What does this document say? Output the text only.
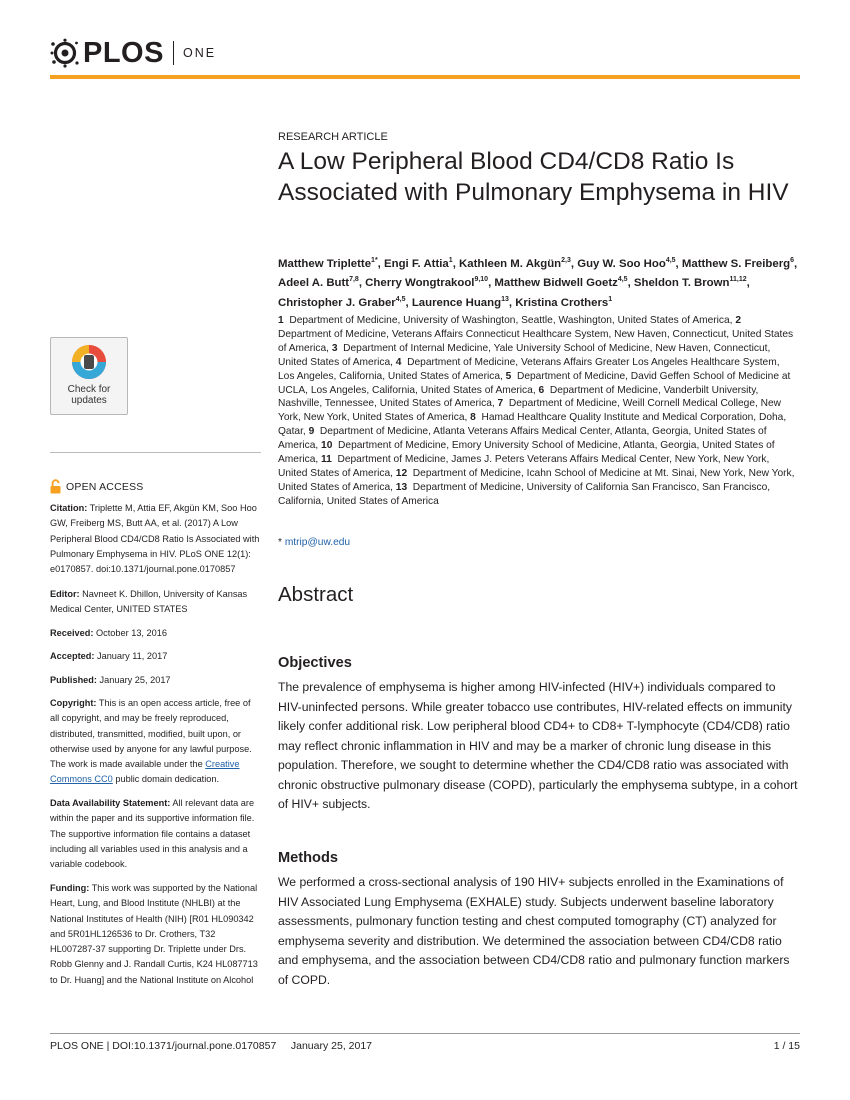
PLOS ONE
RESEARCH ARTICLE
A Low Peripheral Blood CD4/CD8 Ratio Is Associated with Pulmonary Emphysema in HIV
Matthew Triplette$^{1*}$, Engi F. Attia$^1$, Kathleen M. Akgün$^{2,3}$, Guy W. Soo Hoo$^{4,5}$, Matthew S. Freiberg$^6$, Adeel A. Butt$^{7,8}$, Cherry Wongtrakool$^{9,10}$, Matthew Bidwell Goetz$^{4,5}$, Sheldon T. Brown$^{11,12}$, Christopher J. Graber$^{4,5}$, Laurence Huang$^{13}$, Kristina Crothers$^1$
1  Department of Medicine, University of Washington, Seattle, Washington, United States of America, 2  Department of Medicine, Veterans Affairs Connecticut Healthcare System, New Haven, Connecticut, United States of America, 3  Department of Internal Medicine, Yale University School of Medicine, New Haven, Connecticut, United States of America, 4  Department of Medicine, Veterans Affairs Greater Los Angeles Healthcare System, Los Angeles, California, United States of America, 5  Department of Medicine, David Geffen School of Medicine at UCLA, Los Angeles, California, United States of America, 6  Department of Medicine, Vanderbilt University, Nashville, Tennessee, United States of America, 7  Department of Medicine, Weill Cornell Medical College, New York, New York, United States of America, 8  Hamad Healthcare Quality Institute and Medical Corporation, Doha, Qatar, 9  Department of Medicine, Atlanta Veterans Affairs Medical Center, Atlanta, Georgia, United States of America, 10  Department of Medicine, Emory University School of Medicine, Atlanta, Georgia, United States of America, 11  Department of Medicine, James J. Peters Veterans Affairs Medical Center, New York, New York, United States of America, 12  Department of Medicine, Icahn School of Medicine at Mt. Sinai, New York, New York, United States of America, 13  Department of Medicine, University of California San Francisco, San Francisco, California, United States of America
* mtrip@uw.edu
Abstract
Objectives
The prevalence of emphysema is higher among HIV-infected (HIV+) individuals compared to HIV-uninfected persons. While greater tobacco use contributes, HIV-related effects on immunity likely confer additional risk. Low peripheral blood CD4+ to CD8+ T-lymphocyte (CD4/CD8) ratio may reflect chronic inflammation in HIV and may be a marker of chronic lung disease in this population. Therefore, we sought to determine whether the CD4/CD8 ratio was associated with chronic obstructive pulmonary disease (COPD), particularly the emphysema subtype, in a cohort of HIV+ subjects.
Methods
We performed a cross-sectional analysis of 190 HIV+ subjects enrolled in the Examinations of HIV Associated Lung Emphysema (EXHALE) study. Subjects underwent baseline laboratory assessments, pulmonary function testing and chest computed tomography (CT) analyzed for emphysema severity and distribution. We determined the association between CD4/CD8 ratio and emphysema, and the association between CD4/CD8 ratio and pulmonary function markers of COPD.
Check for
updates
OPEN ACCESS
Citation: Triplette M, Attia EF, Akgün KM, Soo Hoo GW, Freiberg MS, Butt AA, et al. (2017) A Low Peripheral Blood CD4/CD8 Ratio Is Associated with Pulmonary Emphysema in HIV. PLoS ONE 12(1): e0170857. doi:10.1371/journal.pone.0170857
Editor: Navneet K. Dhillon, University of Kansas Medical Center, UNITED STATES
Received: October 13, 2016
Accepted: January 11, 2017
Published: January 25, 2017
Copyright: This is an open access article, free of all copyright, and may be freely reproduced, distributed, transmitted, modified, built upon, or otherwise used by anyone for any lawful purpose. The work is made available under the Creative Commons CC0 public domain dedication.
Data Availability Statement: All relevant data are within the paper and its supportive information file. The supportive information file contains a dataset including all variables used in this analysis and a variable codebook.
Funding: This work was supported by the National Heart, Lung, and Blood Institute (NHLBI) at the National Institutes of Health (NIH) [R01 HL090342 and 5R01HL126536 to Dr. Crothers, T32 HL007287-37 supporting Dr. Triplette under Drs. Robb Glenny and J. Randall Curtis, K24 HL087713 to Dr. Huang] and the National Institute on Alcohol
PLOS ONE | DOI:10.1371/journal.pone.0170857     January 25, 2017	1 / 15
